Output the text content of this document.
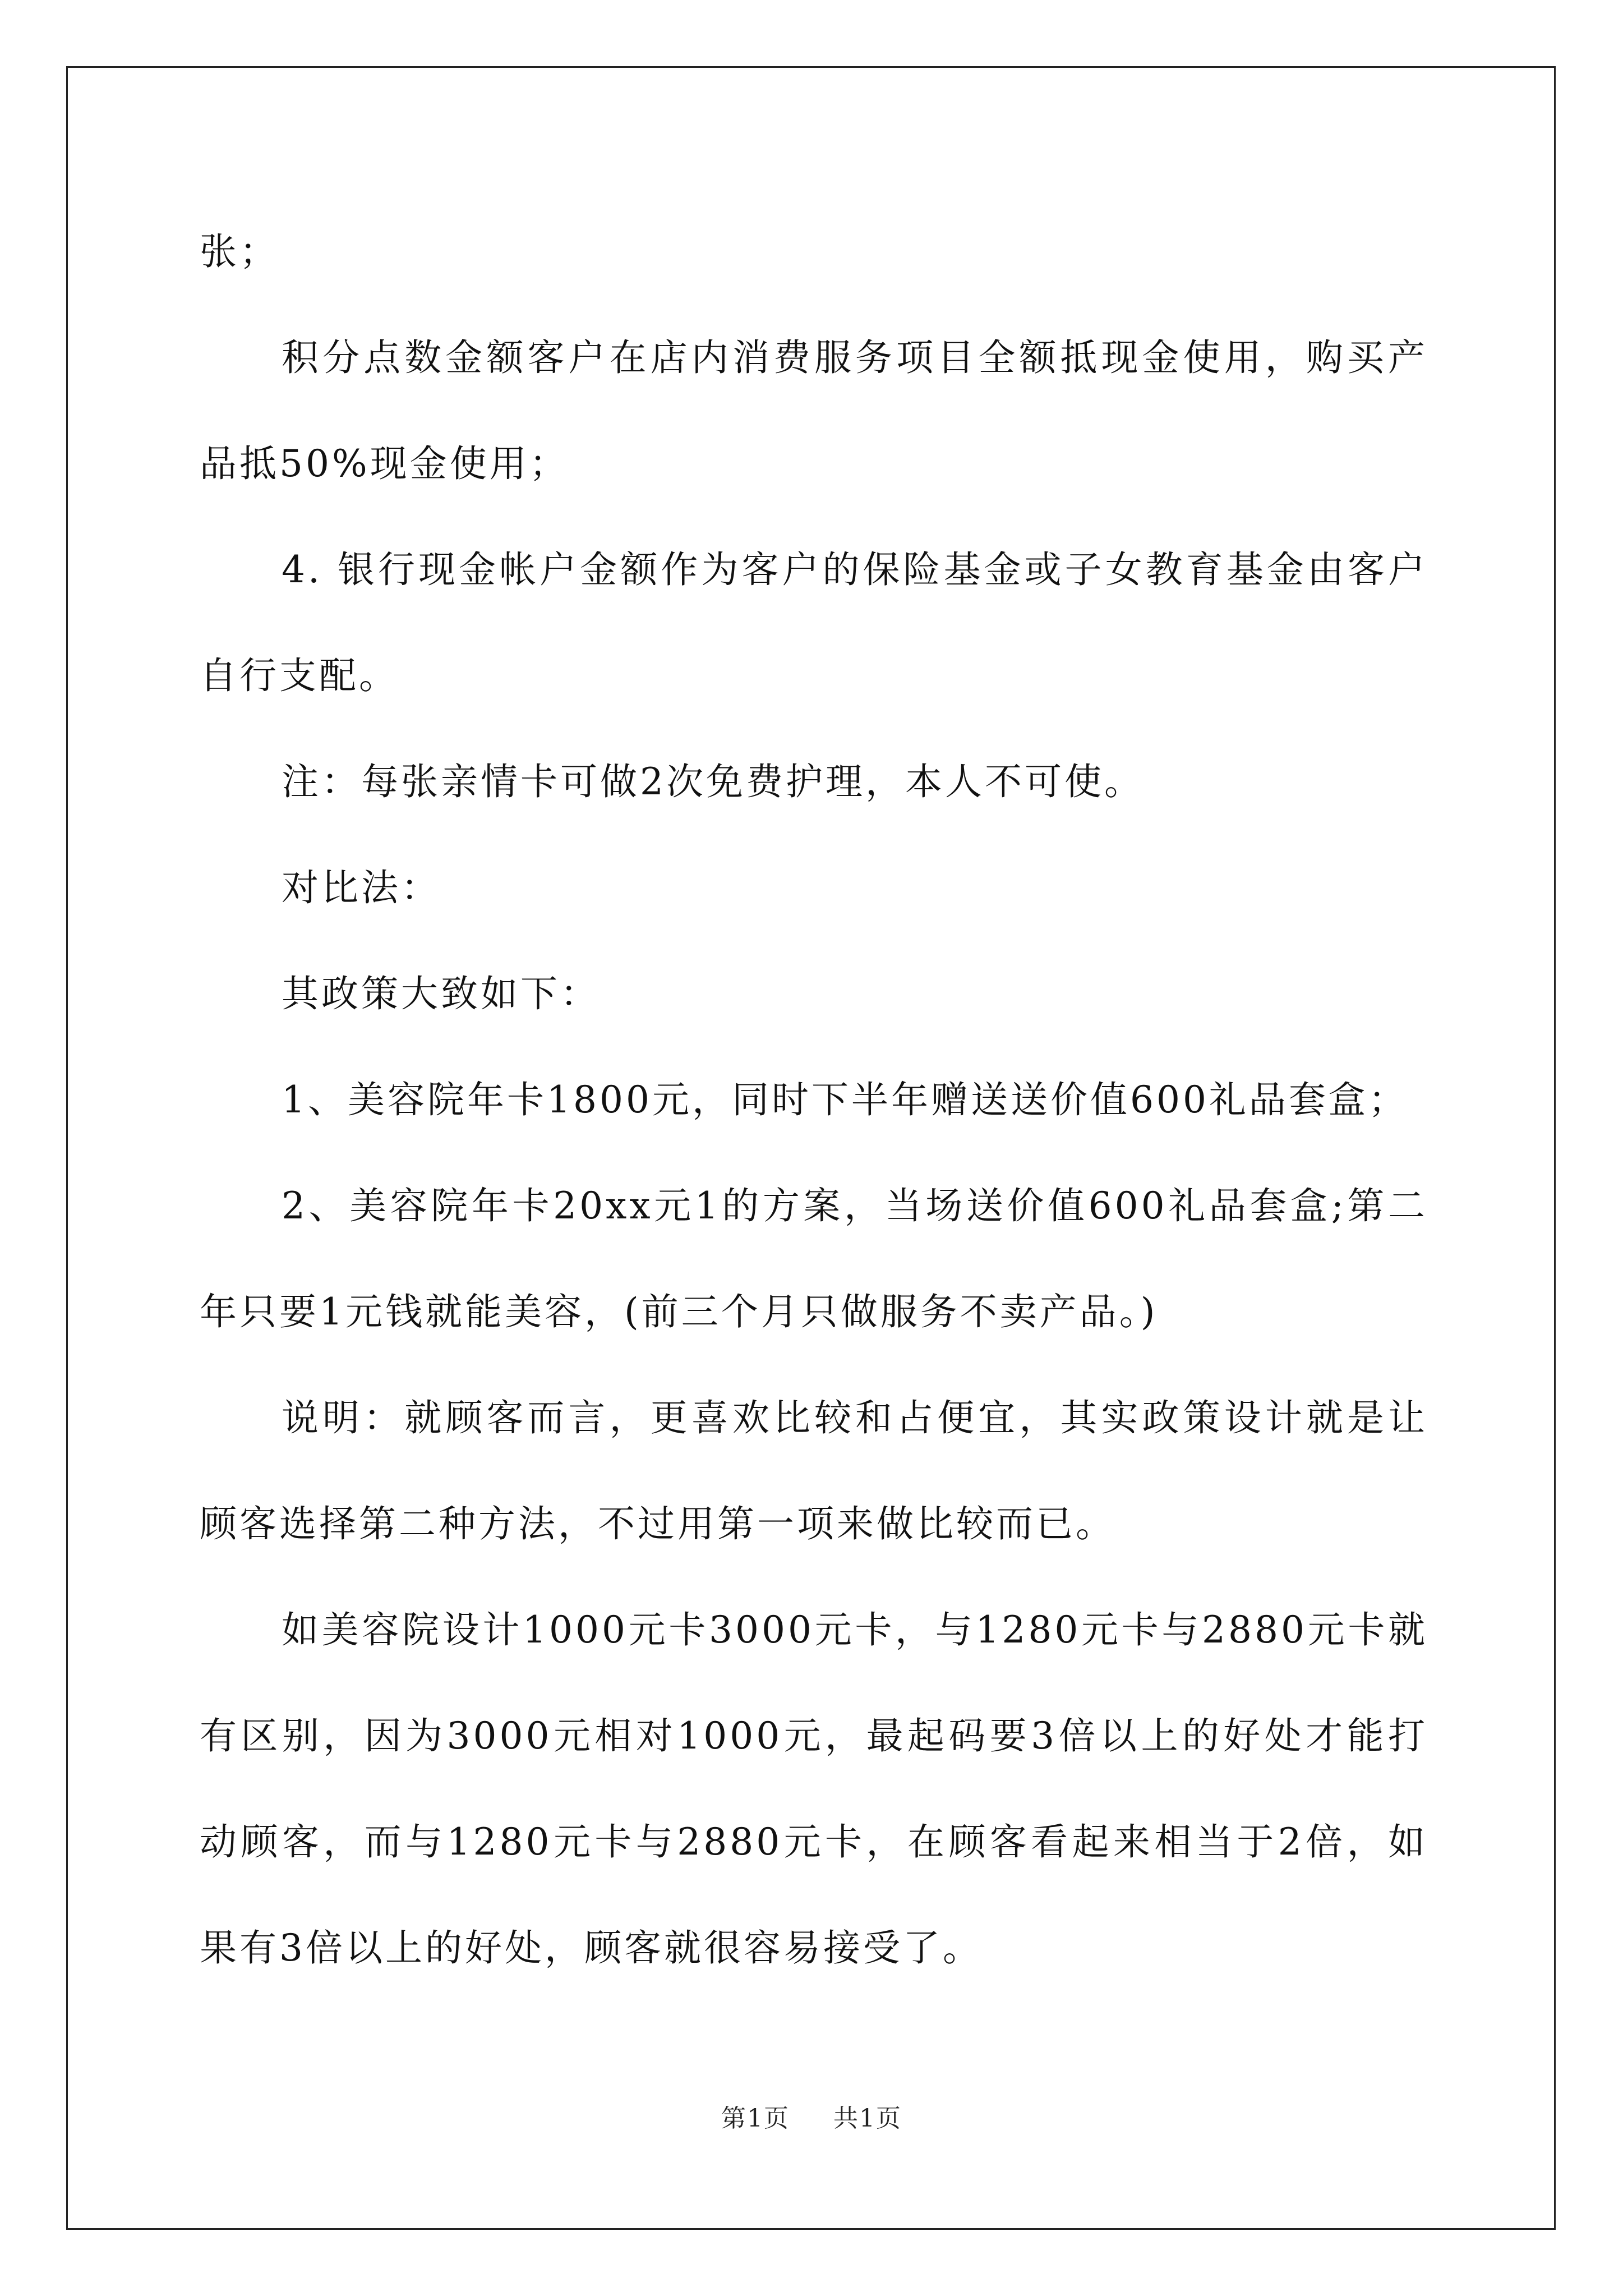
张；

积分点数金额客户在店内消费服务项目全额抵现金使用，购买产品抵50%现金使用；

4. 银行现金帐户金额作为客户的保险基金或子女教育基金由客户自行支配。

注：每张亲情卡可做2次免费护理，本人不可使。

对比法：

其政策大致如下：

1、美容院年卡1800元，同时下半年赠送送价值600礼品套盒；

2、美容院年卡20xx元1的方案，当场送价值600礼品套盒;第二年只要1元钱就能美容，(前三个月只做服务不卖产品。)

说明：就顾客而言，更喜欢比较和占便宜，其实政策设计就是让顾客选择第二种方法，不过用第一项来做比较而已。

如美容院设计1000元卡3000元卡，与1280元卡与2880元卡就有区别，因为3000元相对1000元，最起码要3倍以上的好处才能打动顾客，而与1280元卡与2880元卡，在顾客看起来相当于2倍，如果有3倍以上的好处，顾客就很容易接受了。

第1页 共1页
